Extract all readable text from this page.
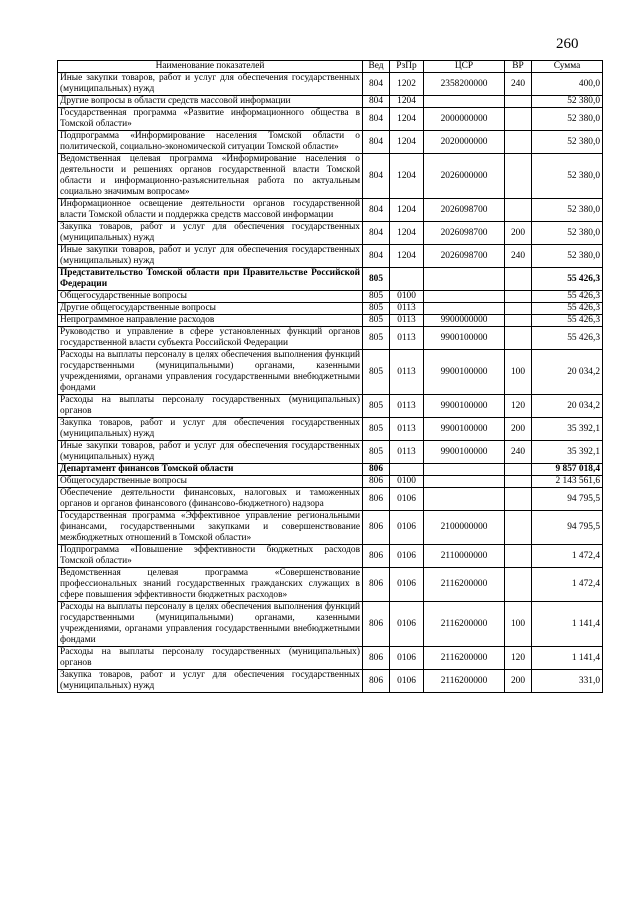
260
Наименование показателей	Вед	РзПр	ЦСР	ВР	Сумма
Иные закупки товаров, работ и услуг для обеспечения государственных (муниципальных) нужд	804	1202	2358200000	240	400,0
Другие вопросы в области средств массовой информации	804	1204			52 380,0
Государственная программа «Развитие информационного общества в Томской области»	804	1204	2000000000		52 380,0
Подпрограмма «Информирование населения Томской области о политической, социально-экономической ситуации Томской области»	804	1204	2020000000		52 380,0
Ведомственная целевая программа «Информирование населения о деятельности и решениях органов государственной власти Томской области и информационно-разъяснительная работа по актуальным социально значимым вопросам»	804	1204	2026000000		52 380,0
Информационное освещение деятельности органов государственной власти Томской области и поддержка средств массовой информации	804	1204	2026098700		52 380,0
Закупка товаров, работ и услуг для обеспечения государственных (муниципальных) нужд	804	1204	2026098700	200	52 380,0
Иные закупки товаров, работ и услуг для обеспечения государственных (муниципальных) нужд	804	1204	2026098700	240	52 380,0
Представительство Томской области при Правительстве Российской Федерации	805				55 426,3
Общегосударственные вопросы	805	0100			55 426,3
Другие общегосударственные вопросы	805	0113			55 426,3
Непрограммное направление расходов	805	0113	9900000000		55 426,3
Руководство и управление в сфере установленных функций органов государственной власти субъекта Российской Федерации	805	0113	9900100000		55 426,3
Расходы на выплаты персоналу в целях обеспечения выполнения функций государственными (муниципальными) органами, казенными учреждениями, органами управления государственными внебюджетными фондами	805	0113	9900100000	100	20 034,2
Расходы на выплаты персоналу государственных (муниципальных) органов	805	0113	9900100000	120	20 034,2
Закупка товаров, работ и услуг для обеспечения государственных (муниципальных) нужд	805	0113	9900100000	200	35 392,1
Иные закупки товаров, работ и услуг для обеспечения государственных (муниципальных) нужд	805	0113	9900100000	240	35 392,1
Департамент финансов Томской области	806				9 857 018,4
Общегосударственные вопросы	806	0100			2 143 561,6
Обеспечение деятельности финансовых, налоговых и таможенных органов и органов финансового (финансово-бюджетного) надзора	806	0106			94 795,5
Государственная программа «Эффективное управление региональными финансами, государственными закупками и совершенствование межбюджетных отношений в Томской области»	806	0106	2100000000		94 795,5
Подпрограмма «Повышение эффективности бюджетных расходов Томской области»	806	0106	2110000000		1 472,4
Ведомственная целевая программа «Совершенствование профессиональных знаний государственных гражданских служащих в сфере повышения эффективности бюджетных расходов»	806	0106	2116200000		1 472,4
Расходы на выплаты персоналу в целях обеспечения выполнения функций государственными (муниципальными) органами, казенными учреждениями, органами управления государственными внебюджетными фондами	806	0106	2116200000	100	1 141,4
Расходы на выплаты персоналу государственных (муниципальных) органов	806	0106	2116200000	120	1 141,4
Закупка товаров, работ и услуг для обеспечения государственных (муниципальных) нужд	806	0106	2116200000	200	331,0
